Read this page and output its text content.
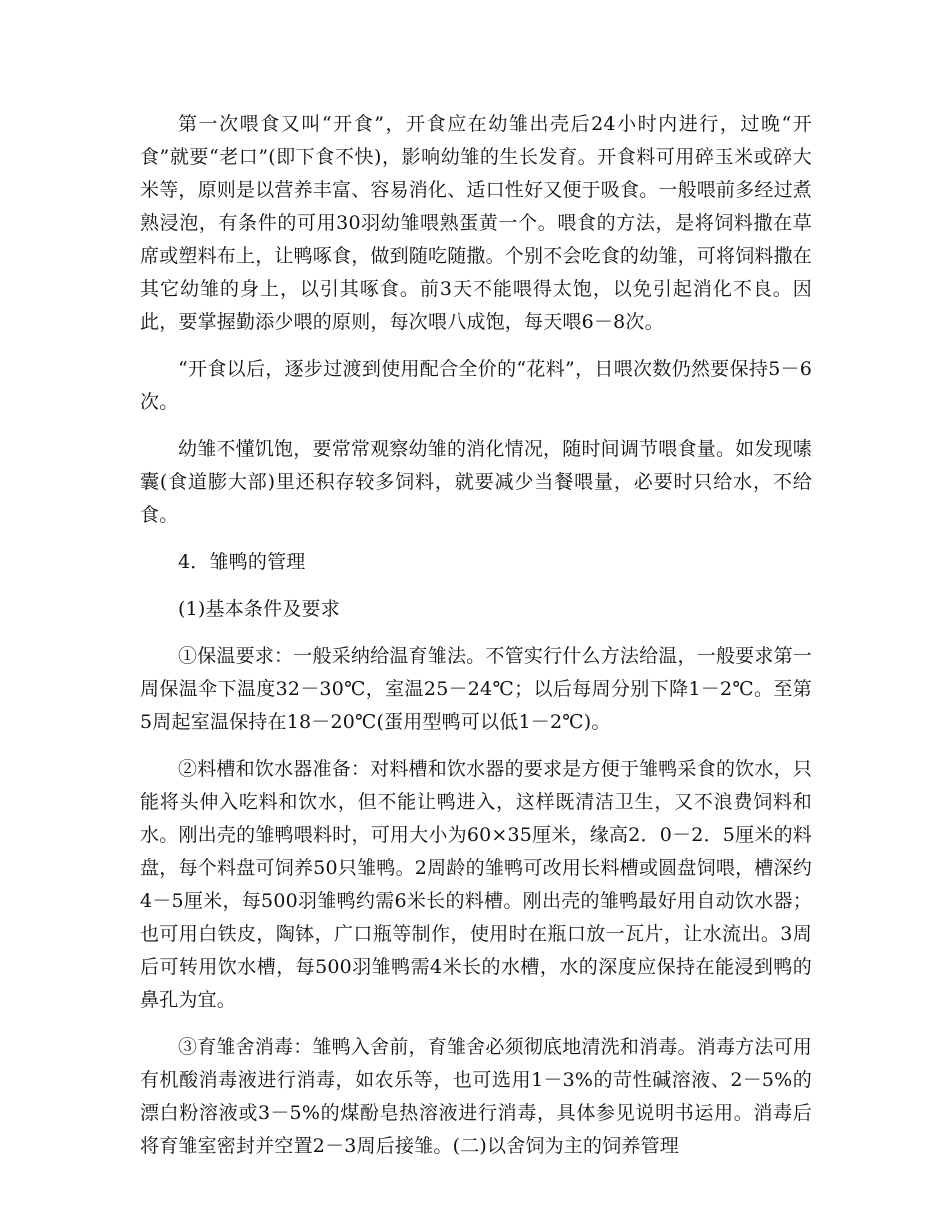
第一次喂食又叫“开食”，开食应在幼雏出壳后24小时内进行，过晚“开食”就要“老口”(即下食不快)，影响幼雏的生长发育。开食料可用碎玉米或碎大米等，原则是以营养丰富、容易消化、适口性好又便于吸食。一般喂前多经过煮熟浸泡，有条件的可用30羽幼雏喂熟蛋黄一个。喂食的方法，是将饲料撒在草席或塑料布上，让鸭啄食，做到随吃随撒。个别不会吃食的幼雏，可将饲料撒在其它幼雏的身上，以引其啄食。前3天不能喂得太饱，以免引起消化不良。因此，要掌握勤添少喂的原则，每次喂八成饱，每天喂6－8次。

“开食以后，逐步过渡到使用配合全价的“花料”，日喂次数仍然要保持5－6次。

幼雏不懂饥饱，要常常观察幼雏的消化情况，随时间调节喂食量。如发现嗉囊(食道膨大部)里还积存较多饲料，就要减少当餐喂量，必要时只给水，不给食。

4．雏鸭的管理

(1)基本条件及要求

①保温要求：一般采纳给温育雏法。不管实行什么方法给温，一般要求第一周保温伞下温度32－30℃，室温25－24℃；以后每周分别下降1－2℃。至第5周起室温保持在18－20℃(蛋用型鸭可以低1－2℃)。

②料槽和饮水器准备：对料槽和饮水器的要求是方便于雏鸭采食的饮水，只能将头伸入吃料和饮水，但不能让鸭进入，这样既清洁卫生，又不浪费饲料和水。刚出壳的雏鸭喂料时，可用大小为60×35厘米，缘高2．0－2．5厘米的料盘，每个料盘可饲养50只雏鸭。2周龄的雏鸭可改用长料槽或圆盘饲喂，槽深约4－5厘米，每500羽雏鸭约需6米长的料槽。刚出壳的雏鸭最好用自动饮水器；也可用白铁皮，陶钵，广口瓶等制作，使用时在瓶口放一瓦片，让水流出。3周后可转用饮水槽，每500羽雏鸭需4米长的水槽，水的深度应保持在能浸到鸭的鼻孔为宜。

③育雏舍消毒：雏鸭入舍前，育雏舍必须彻底地清洗和消毒。消毒方法可用有机酸消毒液进行消毒，如农乐等，也可选用1－3%的苛性碱溶液、2－5%的漂白粉溶液或3－5%的煤酚皂热溶液进行消毒，具体参见说明书运用。消毒后将育雏室密封并空置2－3周后接雏。(二)以舍饲为主的饲养管理
